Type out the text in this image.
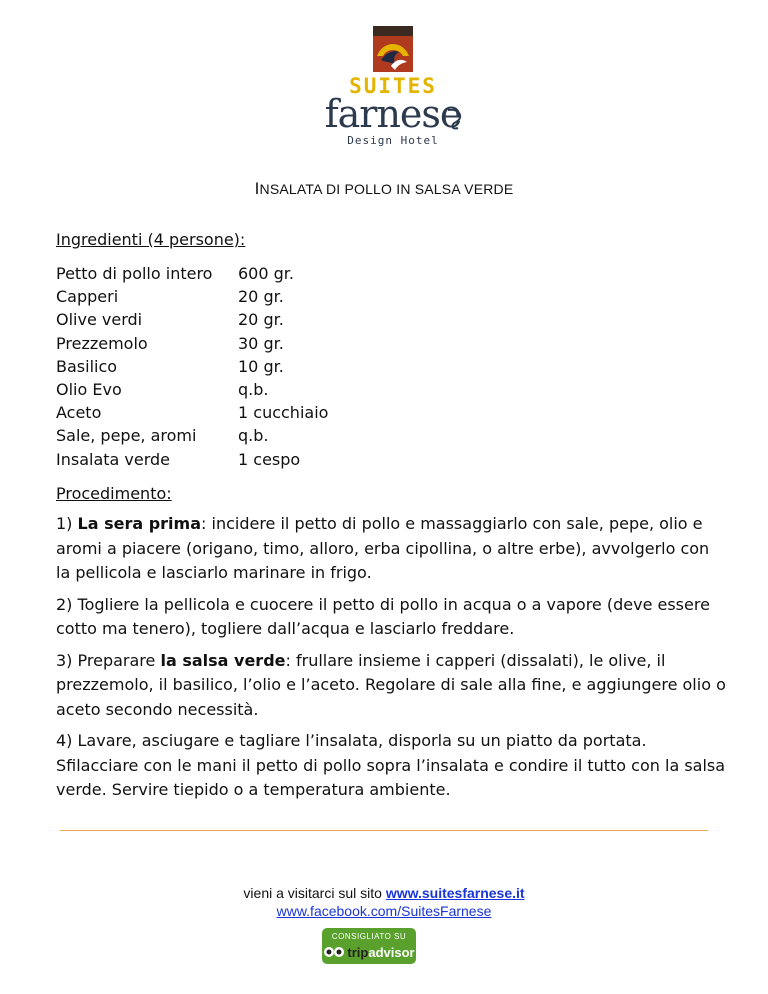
SUITES
farnese
Design Hotel
INSALATA DI POLLO IN SALSA VERDE
Ingredienti (4 persone):
Petto di pollo intero	600 gr.
Capperi	20 gr.
Olive verdi	20 gr.
Prezzemolo	30 gr.
Basilico	10 gr.
Olio Evo	q.b.
Aceto	1 cucchiaio
Sale, pepe, aromi	q.b.
Insalata verde	1 cespo
Procedimento:

1) La sera prima: incidere il petto di pollo e massaggiarlo con sale, pepe, olio e aromi a piacere (origano, timo, alloro, erba cipollina, o altre erbe), avvolgerlo con la pellicola e lasciarlo marinare in frigo.

2) Togliere la pellicola e cuocere il petto di pollo in acqua o a vapore (deve essere cotto ma tenero), togliere dall’acqua e lasciarlo freddare.

3) Preparare la salsa verde: frullare insieme i capperi (dissalati), le olive, il prezzemolo, il basilico, l’olio e l’aceto. Regolare di sale alla fine, e aggiungere olio o aceto secondo necessità.

4) Lavare, asciugare e tagliare l’insalata, disporla su un piatto da portata. Sfilacciare con le mani il petto di pollo sopra l’insalata e condire il tutto con la salsa verde. Servire tiepido o a temperatura ambiente.

vieni a visitarci sul sito www.suitesfarnese.it
www.facebook.com/SuitesFarnese
CONSIGLIATO SU
trip advisor
